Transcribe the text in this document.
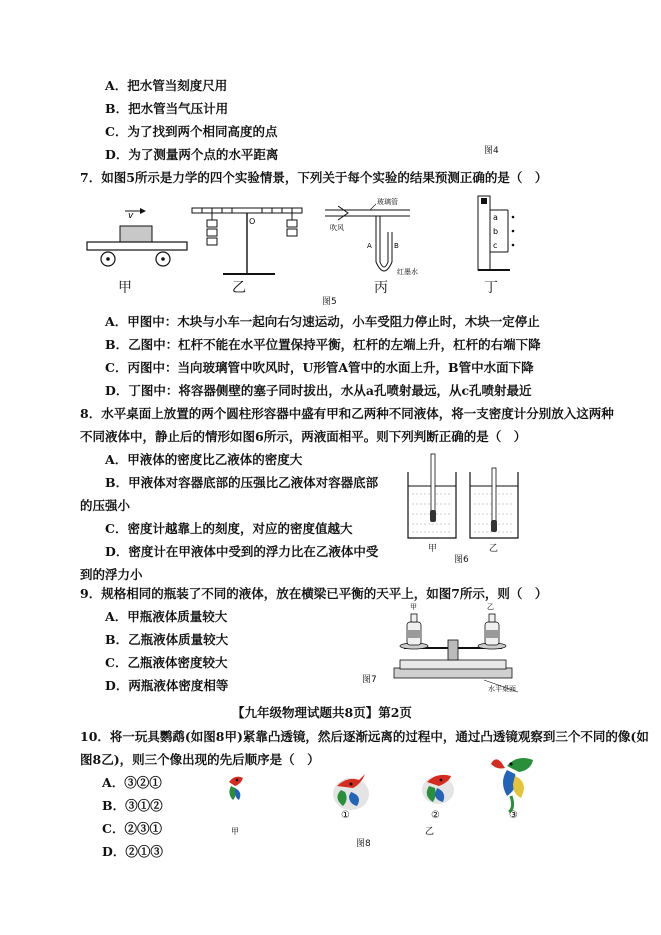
A．把水管当刻度尺用
B．把水管当气压计用
C．为了找到两个相同高度的点
D．为了测量两个点的水平距离	图4
7．如图5所示是力学的四个实验情景，下列关于每个实验的结果预测正确的是（　）
v
O
玻璃管
吹风
A	B
红墨水
a
b
c
甲	乙	丙	丁
图5
A．甲图中：木块与小车一起向右匀速运动，小车受阻力停止时，木块一定停止
B．乙图中：杠杆不能在水平位置保持平衡，杠杆的左端上升，杠杆的右端下降
C．丙图中：当向玻璃管中吹风时，U形管A管中的水面上升，B管中水面下降
D．丁图中：将容器侧壁的塞子同时拔出，水从a孔喷射最远，从c孔喷射最近
8．水平桌面上放置的两个圆柱形容器中盛有甲和乙两种不同液体，将一支密度计分别放入这两种
不同液体中，静止后的情形如图6所示，两液面相平。则下列判断正确的是（　）
A．甲液体的密度比乙液体的密度大
B．甲液体对容器底部的压强比乙液体对容器底部
的压强小
C．密度计越靠上的刻度，对应的密度值越大
D．密度计在甲液体中受到的浮力比在乙液体中受
到的浮力小
甲	乙
图6
9．规格相同的瓶装了不同的液体，放在横梁已平衡的天平上，如图7所示，则（　）
A．甲瓶液体质量较大
B．乙瓶液体质量较大
C．乙瓶液体密度较大
D．两瓶液体密度相等
甲	乙
水平桌面
图7
【九年级物理试题共8页】第2页
10．将一玩具鹦鹉(如图8甲)紧靠凸透镜，然后逐渐远离的过程中，通过凸透镜观察到三个不同的像(如
图8乙)，则三个像出现的先后顺序是（　）
A．③②①
B．③①②
C．②③①
D．②①③
甲
①	②	③
乙
图8
